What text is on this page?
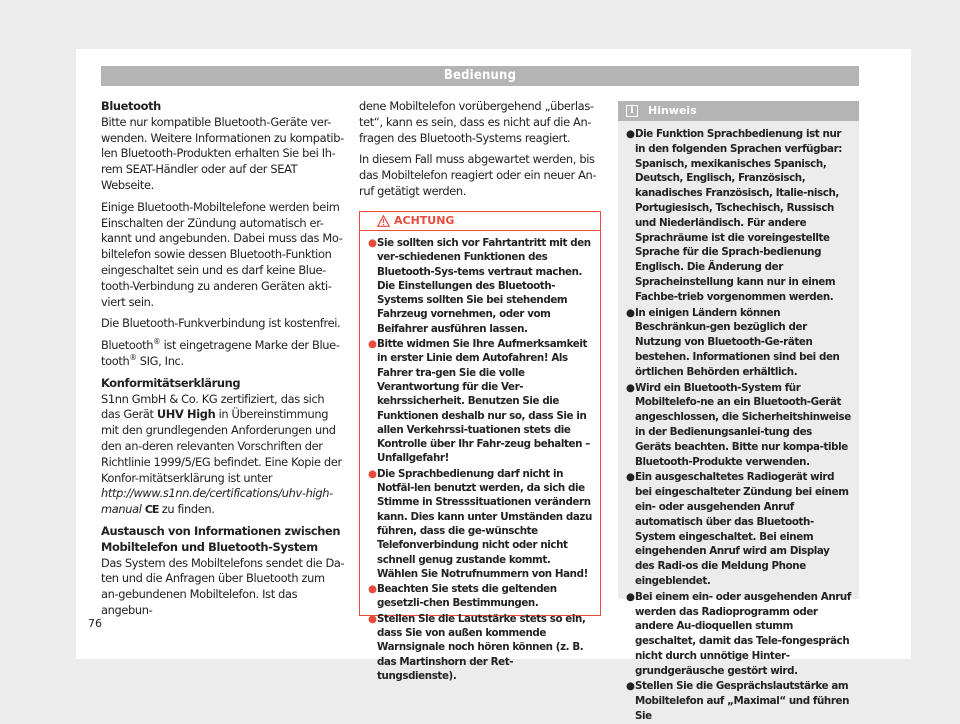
Bedienung

Bluetooth

Bitte nur kompatible Bluetooth-Geräte ver-wenden. Weitere Informationen zu kompatib-len Bluetooth-Produkten erhalten Sie bei Ih-rem SEAT-Händler oder auf der SEAT Webseite.

Einige Bluetooth-Mobiltelefone werden beim Einschalten der Zündung automatisch er-kannt und angebunden. Dabei muss das Mo-biltelefon sowie dessen Bluetooth-Funktion eingeschaltet sein und es darf keine Blue-tooth-Verbindung zu anderen Geräten akti-viert sein.

Die Bluetooth-Funkverbindung ist kostenfrei.

Bluetooth® ist eingetragene Marke der Blue-tooth® SIG, Inc.

Konformitätserklärung

S1nn GmbH & Co. KG zertifiziert, das sich das Gerät UHV High in Übereinstimmung mit den grundlegenden Anforderungen und den an-deren relevanten Vorschriften der Richtlinie 1999/5/EG befindet. Eine Kopie der Konfor-mitätserklärung ist unter http://www.s1nn.de/certifications/uhv-high-manual CE zu finden.

Austausch von Informationen zwischen Mobiltelefon und Bluetooth-System

Das System des Mobiltelefons sendet die Da-ten und die Anfragen über Bluetooth zum an-gebundenen Mobiltelefon. Ist das angebun-

dene Mobiltelefon vorübergehend „überlas-tet“, kann es sein, dass es nicht auf die An-fragen des Bluetooth-Systems reagiert.

In diesem Fall muss abgewartet werden, bis das Mobiltelefon reagiert oder ein neuer An-ruf getätigt werden.

ACHTUNG
● Sie sollten sich vor Fahrtantritt mit den ver-schiedenen Funktionen des Bluetooth-Sys-tems vertraut machen. Die Einstellungen des Bluetooth-Systems sollten Sie bei stehendem Fahrzeug vornehmen, oder vom Beifahrer ausführen lassen.
● Bitte widmen Sie Ihre Aufmerksamkeit in erster Linie dem Autofahren! Als Fahrer tra-gen Sie die volle Verantwortung für die Ver-kehrssicherheit. Benutzen Sie die Funktionen deshalb nur so, dass Sie in allen Verkehrssi-tuationen stets die Kontrolle über Ihr Fahr-zeug behalten – Unfallgefahr!
● Die Sprachbedienung darf nicht in Notfäl-len benutzt werden, da sich die Stimme in Stresssituationen verändern kann. Dies kann unter Umständen dazu führen, dass die ge-wünschte Telefonverbindung nicht oder nicht schnell genug zustande kommt. Wählen Sie Notrufnummern von Hand!
● Beachten Sie stets die geltenden gesetzli-chen Bestimmungen.
● Stellen Sie die Lautstärke stets so ein, dass Sie von außen kommende Warnsignale noch hören können (z. B. das Martinshorn der Ret-tungsdienste).
i	Hinweis
● Die Funktion Sprachbedienung ist nur in den folgenden Sprachen verfügbar: Spanisch, mexikanisches Spanisch, Deutsch, Englisch, Französisch, kanadisches Französisch, Italie-nisch, Portugiesisch, Tschechisch, Russisch und Niederländisch. Für andere Sprachräume ist die voreingestellte Sprache für die Sprach-bedienung Englisch. Die Änderung der Spracheinstellung kann nur in einem Fachbe-trieb vorgenommen werden.
● In einigen Ländern können Beschränkun-gen bezüglich der Nutzung von Bluetooth-Ge-räten bestehen. Informationen sind bei den örtlichen Behörden erhältlich.
● Wird ein Bluetooth-System für Mobiltelefo-ne an ein Bluetooth-Gerät angeschlossen, die Sicherheitshinweise in der Bedienungsanlei-tung des Geräts beachten. Bitte nur kompa-tible Bluetooth-Produkte verwenden.
● Ein ausgeschaltetes Radiogerät wird bei eingeschalteter Zündung bei einem ein- oder ausgehenden Anruf automatisch über das Bluetooth-System eingeschaltet. Bei einem eingehenden Anruf wird am Display des Radi-os die Meldung Phone eingeblendet.
● Bei einem ein- oder ausgehenden Anruf werden das Radioprogramm oder andere Au-dioquellen stumm geschaltet, damit das Tele-fongespräch nicht durch unnötige Hinter-grundgeräusche gestört wird.
● Stellen Sie die Gesprächslautstärke am Mobiltelefon auf „Maximal“ und führen Sie
76
